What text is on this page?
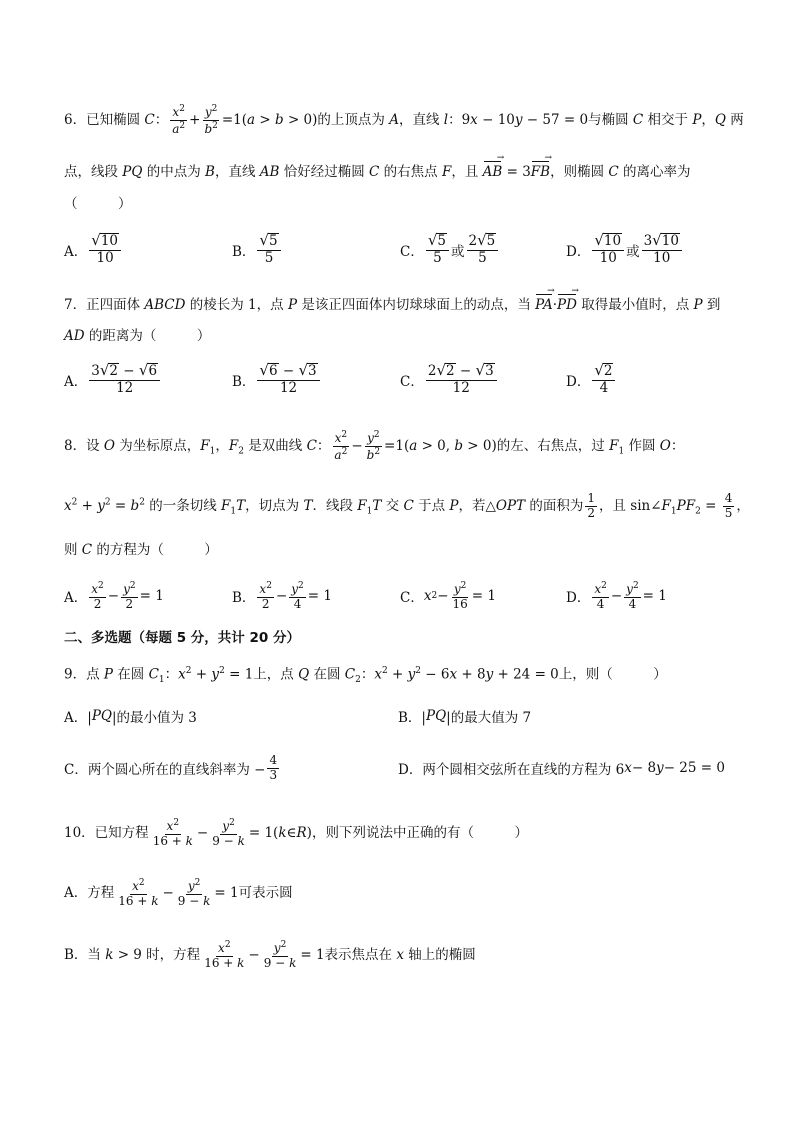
6．已知椭圆 C： $\frac{x^2}{a^2} + \frac{y^2}{b^2} =1(a > b > 0)$的上顶点为 A，直线 l：9x − 10y − 57 = 0与椭圆 C 相交于 P，Q 两
点，线段 PQ 的中点为 B，直线 AB 恰好经过椭圆 C 的右焦点 F，且 AB → = 3FB →，则椭圆 C 的离心率为
（　　　）
A． $\frac{√ 10}{10}$	B． $\frac{√ 5}{5}$	C． $\frac{√ 5}{5}$ 或 $\frac{2 √ 5}{5}$	D． $\frac{√ 10}{10}$ 或 $\frac{3 √ 10}{10}$
7．正四面体 ABCD 的棱长为 1，点 P 是该正四面体内切球球面上的动点，当 PA →·PD → 取得最小值时，点 P 到
AD 的距离为（　　　）
A． $\frac{3 √ 2 - √ 6}{12}$	B． $\frac{√ 6 - √ 3}{12}$	C． $\frac{2 √ 2 - √ 3}{12}$	D． $\frac{√ 2}{4}$
8．设 O 为坐标原点，$F_1$，$F_2$ 是双曲线 C： $\frac{x^2}{a^2} - \frac{y^2}{b^2} =1(a > 0$, b > 0)的左、右焦点，过 $F_1$ 作圆 O：
$x^2 + y^2 = b^2$ 的一条切线 $F_1T$，切点为 T．线段 $F_1T$ 交 C 于点 P，若△OPT 的面积为 $\frac{1}{2}$ ，且 $\sin\angle F_1PF_2 = \frac{4}{5}$ ，
则 C 的方程为（　　　）
A． $\frac{x^2}{2} - \frac{y^2}{2} = 1$	B． $\frac{x^2}{2} - \frac{y^2}{4} = 1$	C． x $2 - \frac{y^2}{16} = 1$	D． $\frac{x^2}{4} - \frac{y^2}{4} = 1$
二、多选题（每题 5 分，共计 20 分）
9．点 P 在圆 $C_1$：$x^2 + y^2 = 1$上，点 Q 在圆 $C_2$：$x^2 + y^2 - 6x + 8y + 24 = 0$上，则（　　　）
A．| PQ |的最小值为 3	B．| PQ |的最大值为 7
C．两个圆心所在的直线斜率为 − $\frac{4}{3}$	D．两个圆相交弦所在直线的方程为 6 x − 8 y − 25 = 0
10．已知方程 $\frac{x^2}{16 + k} - \frac{y^2}{9 - k}$ = 1(k∈R)，则下列说法中正确的有（　　　）
A．方程 $\frac{x^2}{16 + k} - \frac{y^2}{9 - k} = 1$可表示圆
B．当 k > 9 时，方程 $\frac{x^2}{16 + k} - \frac{y^2}{9 - k} = 1$表示焦点在 x 轴上的椭圆
